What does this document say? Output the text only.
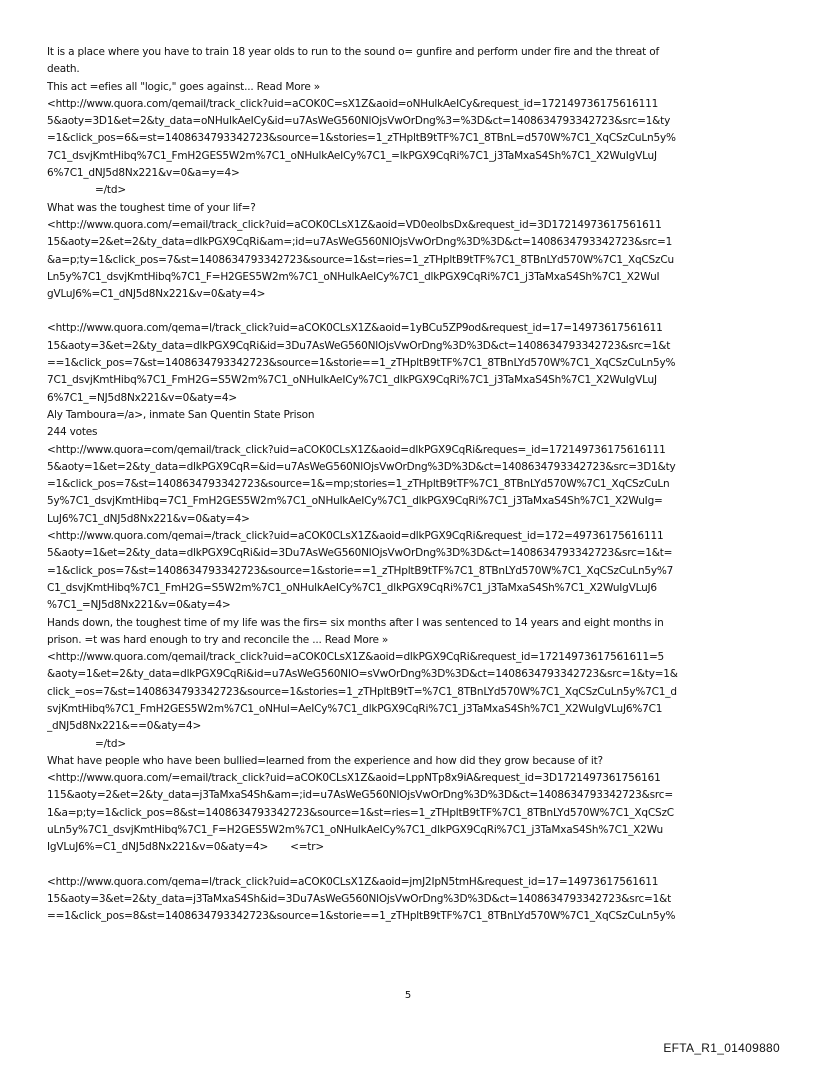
It is a place where you have to train 18 year olds to run to the sound o= gunfire and perform under fire and the threat of
death.
This act =efies all "logic," goes against... Read More »
<http://www.quora.com/qemail/track_click?uid=aCOK0C=sX1Z&aoid=oNHulkAeICy&request_id=172149736175616111
5&aoty=3D1&et=2&ty_data=oNHulkAeICy&id=u7AsWeG560NlOjsVwOrDng%3=%3D&ct=1408634793342723&src=1&ty
=1&click_pos=6&=st=1408634793342723&source=1&stories=1_zTHpltB9tTF%7C1_8TBnL=d570W%7C1_XqCSzCuLn5y%
7C1_dsvjKmtHibq%7C1_FmH2GES5W2m%7C1_oNHulkAeICy%7C1_=lkPGX9CqRi%7C1_j3TaMxaS4Sh%7C1_X2WuIgVLuJ
6%7C1_dNJ5d8Nx221&v=0&a=y=4>
=/td>
What was the toughest time of your lif=?
<http://www.quora.com/=email/track_click?uid=aCOK0CLsX1Z&aoid=VD0eolbsDx&request_id=3D17214973617561611
15&aoty=2&et=2&ty_data=dlkPGX9CqRi&am=;id=u7AsWeG560NlOjsVwOrDng%3D%3D&ct=1408634793342723&src=1
&a=p;ty=1&click_pos=7&st=1408634793342723&source=1&st=ries=1_zTHpltB9tTF%7C1_8TBnLYd570W%7C1_XqCSzCu
Ln5y%7C1_dsvjKmtHibq%7C1_F=H2GES5W2m%7C1_oNHulkAeICy%7C1_dlkPGX9CqRi%7C1_j3TaMxaS4Sh%7C1_X2WuI
gVLuJ6%=C1_dNJ5d8Nx221&v=0&aty=4>
<http://www.quora.com/qema=l/track_click?uid=aCOK0CLsX1Z&aoid=1yBCu5ZP9od&request_id=17=14973617561611
15&aoty=3&et=2&ty_data=dlkPGX9CqRi&id=3Du7AsWeG560NlOjsVwOrDng%3D%3D&ct=1408634793342723&src=1&t
==1&click_pos=7&st=1408634793342723&source=1&storie==1_zTHpltB9tTF%7C1_8TBnLYd570W%7C1_XqCSzCuLn5y%
7C1_dsvjKmtHibq%7C1_FmH2G=S5W2m%7C1_oNHulkAeICy%7C1_dlkPGX9CqRi%7C1_j3TaMxaS4Sh%7C1_X2WuIgVLuJ
6%7C1_=NJ5d8Nx221&v=0&aty=4>
Aly Tamboura=/a>, inmate San Quentin State Prison
244 votes
<http://www.quora=com/qemail/track_click?uid=aCOK0CLsX1Z&aoid=dlkPGX9CqRi&reques=_id=172149736175616111
5&aoty=1&et=2&ty_data=dlkPGX9CqR=&id=u7AsWeG560NlOjsVwOrDng%3D%3D&ct=1408634793342723&src=3D1&ty
=1&click_pos=7&st=1408634793342723&source=1&=mp;stories=1_zTHpltB9tTF%7C1_8TBnLYd570W%7C1_XqCSzCuLn
5y%7C1_dsvjKmtHibq=7C1_FmH2GES5W2m%7C1_oNHulkAeICy%7C1_dlkPGX9CqRi%7C1_j3TaMxaS4Sh%7C1_X2WuIg=
LuJ6%7C1_dNJ5d8Nx221&v=0&aty=4>
<http://www.quora.com/qemai=/track_click?uid=aCOK0CLsX1Z&aoid=dlkPGX9CqRi&request_id=172=49736175616111
5&aoty=1&et=2&ty_data=dlkPGX9CqRi&id=3Du7AsWeG560NlOjsVwOrDng%3D%3D&ct=1408634793342723&src=1&t=
=1&click_pos=7&st=1408634793342723&source=1&storie==1_zTHpltB9tTF%7C1_8TBnLYd570W%7C1_XqCSzCuLn5y%7
C1_dsvjKmtHibq%7C1_FmH2G=S5W2m%7C1_oNHulkAeICy%7C1_dlkPGX9CqRi%7C1_j3TaMxaS4Sh%7C1_X2WuIgVLuJ6
%7C1_=NJ5d8Nx221&v=0&aty=4>
Hands down, the toughest time of my life was the firs= six months after I was sentenced to 14 years and eight months in
prison. =t was hard enough to try and reconcile the ... Read More »
<http://www.quora.com/qemail/track_click?uid=aCOK0CLsX1Z&aoid=dlkPGX9CqRi&request_id=17214973617561611=5
&aoty=1&et=2&ty_data=dlkPGX9CqRi&id=u7AsWeG560NlO=sVwOrDng%3D%3D&ct=1408634793342723&src=1&ty=1&
click_=os=7&st=1408634793342723&source=1&stories=1_zTHpltB9tT=%7C1_8TBnLYd570W%7C1_XqCSzCuLn5y%7C1_d
svjKmtHibq%7C1_FmH2GES5W2m%7C1_oNHul=AeICy%7C1_dlkPGX9CqRi%7C1_j3TaMxaS4Sh%7C1_X2WuIgVLuJ6%7C1
_dNJ5d8Nx221&==0&aty=4>
=/td>
What have people who have been bullied=learned from the experience and how did they grow because of it?
<http://www.quora.com/=email/track_click?uid=aCOK0CLsX1Z&aoid=LppNTp8x9iA&request_id=3D1721497361756161
115&aoty=2&et=2&ty_data=j3TaMxaS4Sh&am=;id=u7AsWeG560NlOjsVwOrDng%3D%3D&ct=1408634793342723&src=
1&a=p;ty=1&click_pos=8&st=1408634793342723&source=1&st=ries=1_zTHpltB9tTF%7C1_8TBnLYd570W%7C1_XqCSzC
uLn5y%7C1_dsvjKmtHibq%7C1_F=H2GES5W2m%7C1_oNHulkAeICy%7C1_dlkPGX9CqRi%7C1_j3TaMxaS4Sh%7C1_X2Wu
IgVLuJ6%=C1_dNJ5d8Nx221&v=0&aty=4>       <=tr>
<http://www.quora.com/qema=l/track_click?uid=aCOK0CLsX1Z&aoid=jmJ2IpN5tmH&request_id=17=14973617561611
15&aoty=3&et=2&ty_data=j3TaMxaS4Sh&id=3Du7AsWeG560NlOjsVwOrDng%3D%3D&ct=1408634793342723&src=1&t
==1&click_pos=8&st=1408634793342723&source=1&storie==1_zTHpltB9tTF%7C1_8TBnLYd570W%7C1_XqCSzCuLn5y%
5
EFTA_R1_01409880
